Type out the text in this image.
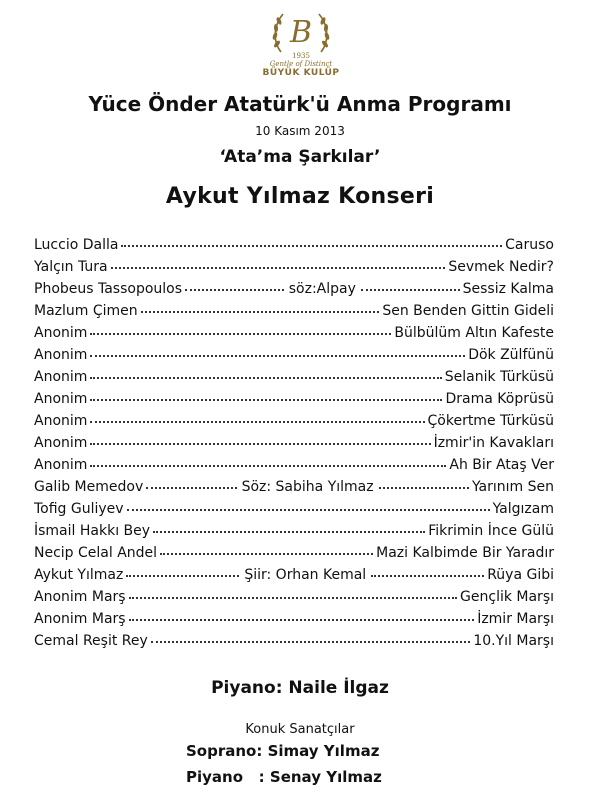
B
1935
Gentle of Distinct
BÜYÜK KULÜP
Yüce Önder Atatürk'ü Anma Programı
10 Kasım 2013
‘Ata’ma Şarkılar’
Aykut Yılmaz Konseri
Luccio Dalla	Caruso
Yalçın Tura	Sevmek Nedir?
Phobeus Tassopoulos	söz:Alpay	Sessiz Kalma
Mazlum Çimen	Sen Benden Gittin Gideli
Anonim	Bülbülüm Altın Kafeste
Anonim	Dök Zülfünü
Anonim	Selanik Türküsü
Anonim	Drama Köprüsü
Anonim	Çökertme Türküsü
Anonim	İzmir'in Kavakları
Anonim	Ah Bir Ataş Ver
Galib Memedov	Söz: Sabiha Yılmaz	Yarınım Sen
Tofig Guliyev	Yalgızam
İsmail Hakkı Bey	Fikrimin İnce Gülü
Necip Celal Andel	Mazi Kalbimde Bir Yaradır
Aykut Yılmaz	Şiir: Orhan Kemal	Rüya Gibi
Anonim Marş	Gençlik Marşı
Anonim Marş	İzmir Marşı
Cemal Reşit Rey	10.Yıl Marşı
Piyano: Naile İlgaz
Konuk Sanatçılar
Soprano: Simay Yılmaz
Piyano   : Senay Yılmaz
